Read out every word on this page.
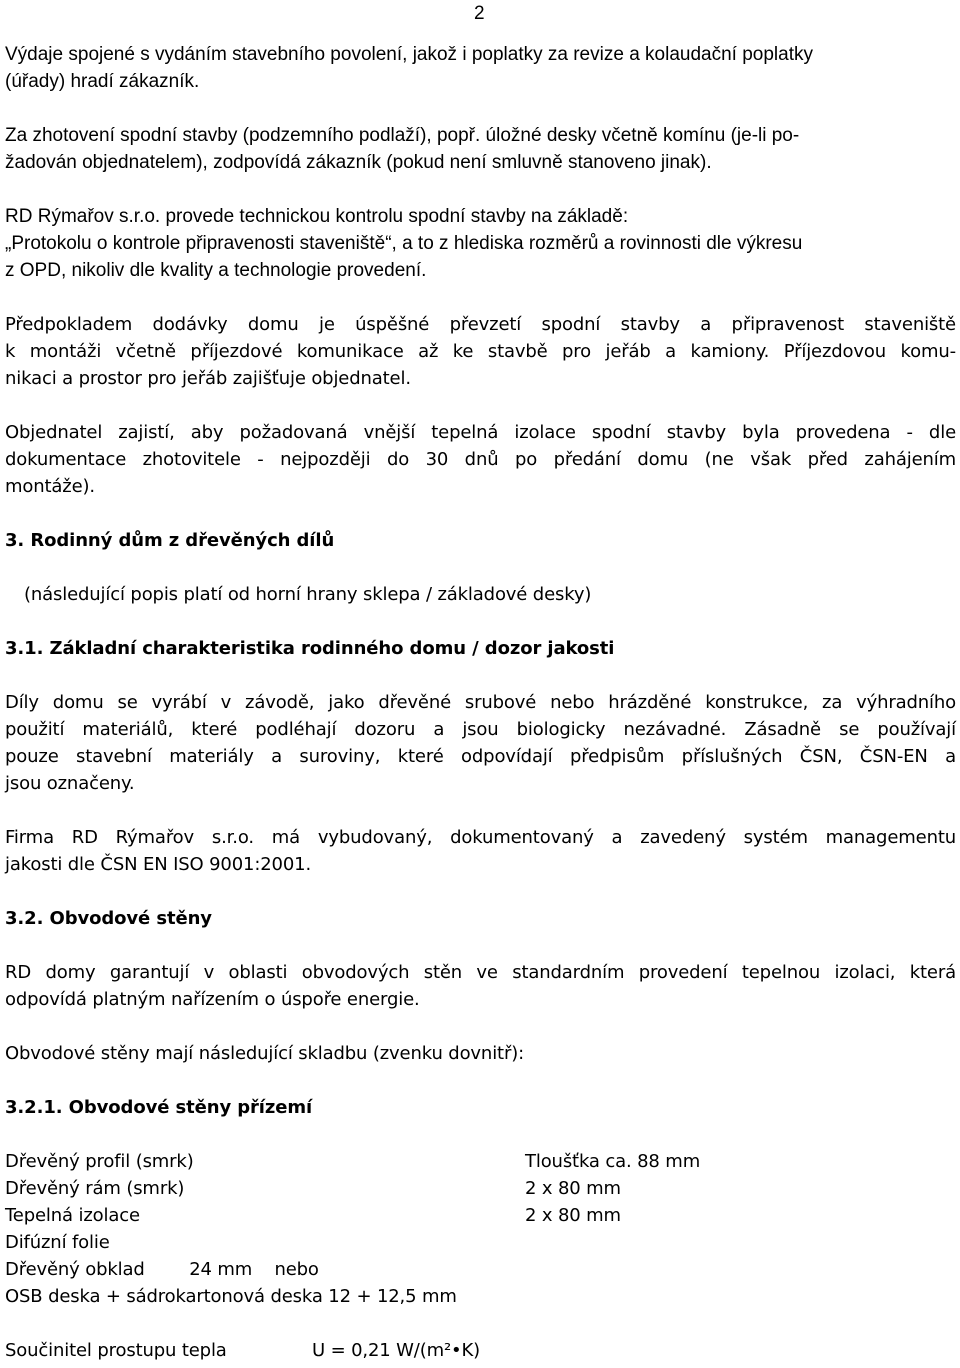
2
Výdaje spojené s vydáním stavebního povolení, jakož i poplatky za revize a kolaudační poplatky
(úřady) hradí zákazník.
Za zhotovení spodní stavby (podzemního podlaží), popř. úložné desky včetně komínu (je-li po-
žadován objednatelem), zodpovídá zákazník (pokud není smluvně stanoveno jinak).
RD Rýmařov s.r.o. provede technickou kontrolu spodní stavby na základě:
„Protokolu o kontrole připravenosti staveniště“, a to z hlediska rozměrů a rovinnosti dle výkresu
z OPD, nikoliv dle kvality a technologie provedení.
Předpokladem dodávky domu je úspěšné převzetí spodní stavby a připravenost staveniště
k montáži včetně příjezdové komunikace až ke stavbě pro jeřáb a kamiony. Příjezdovou komu-
nikaci a prostor pro jeřáb zajišťuje objednatel.
Objednatel zajistí, aby požadovaná vnější tepelná izolace spodní stavby byla provedena - dle
dokumentace zhotovitele - nejpozději do 30 dnů po předání domu (ne však před zahájením
montáže).
3. Rodinný dům z dřevěných dílů
(následující popis platí od horní hrany sklepa / základové desky)
3.1. Základní charakteristika rodinného domu / dozor jakosti
Díly domu se vyrábí v závodě, jako dřevěné srubové nebo hrázděné konstrukce, za výhradního
použití materiálů, které podléhají dozoru a jsou biologicky nezávadné. Zásadně se používají
pouze stavební materiály a suroviny, které odpovídají předpisům příslušných ČSN, ČSN-EN a
jsou označeny.
Firma RD Rýmařov s.r.o. má vybudovaný, dokumentovaný a zavedený systém managementu
jakosti dle ČSN EN ISO 9001:2001.
3.2. Obvodové stěny
RD domy garantují v oblasti obvodových stěn ve standardním provedení tepelnou izolaci, která
odpovídá platným nařízením o úspoře energie.
Obvodové stěny mají následující skladbu (zvenku dovnitř):
3.2.1. Obvodové stěny přízemí
Dřevěný profil (smrk)	Tloušťka ca. 88 mm
Dřevěný rám (smrk)	2 x 80 mm
Tepelná izolace	2 x 80 mm
Difúzní folie
Dřevěný obklad        24 mm    nebo
OSB deska + sádrokartonová deska 12 + 12,5 mm
Součinitel prostupu tepla	U = 0,21 W/(m²•K)
